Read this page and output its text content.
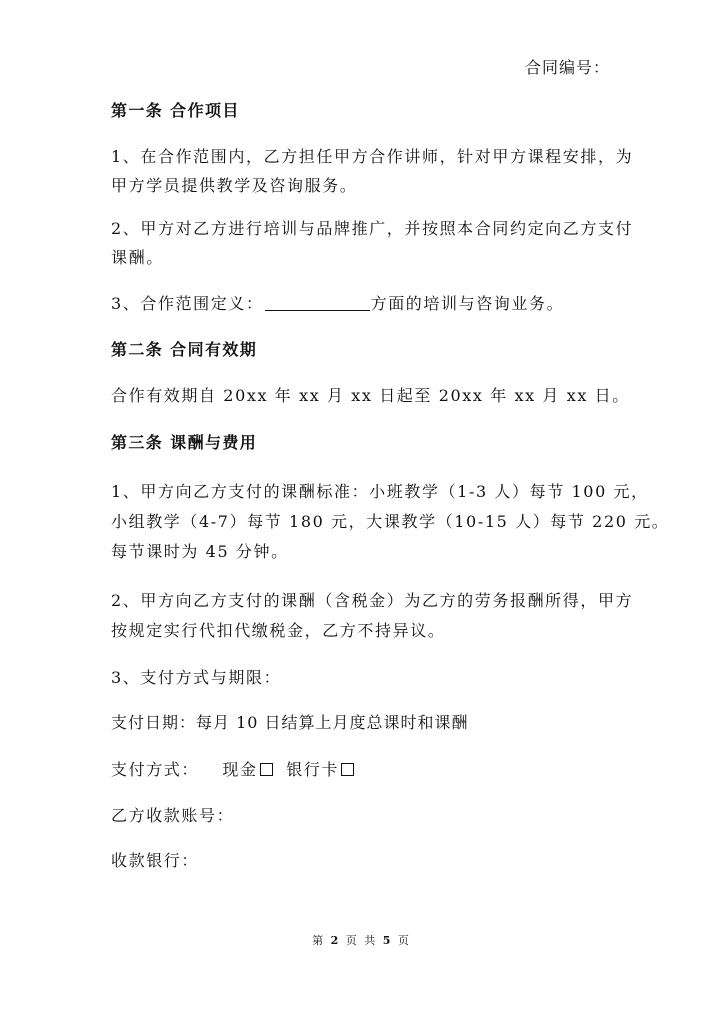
合同编号：
第一条 合作项目
1、在合作范围内，乙方担任甲方合作讲师，针对甲方课程安排，为
甲方学员提供教学及咨询服务。
2、甲方对乙方进行培训与品牌推广，并按照本合同约定向乙方支付
课酬。
3、合作范围定义：	方面的培训与咨询业务。
第二条 合同有效期
合作有效期自 20xx 年 xx 月 xx 日起至 20xx 年 xx 月 xx 日。
第三条 课酬与费用
1、甲方向乙方支付的课酬标准：小班教学（1-3 人）每节 100 元，
小组教学（4-7）每节 180 元，大课教学（10-15 人）每节 220 元。
每节课时为 45 分钟。
2、甲方向乙方支付的课酬（含税金）为乙方的劳务报酬所得，甲方
按规定实行代扣代缴税金，乙方不持异议。
3、支付方式与期限：
支付日期：每月 10 日结算上月度总课时和课酬
支付方式： 现金 银行卡
乙方收款账号：
收款银行：
第 2 页 共 5 页
